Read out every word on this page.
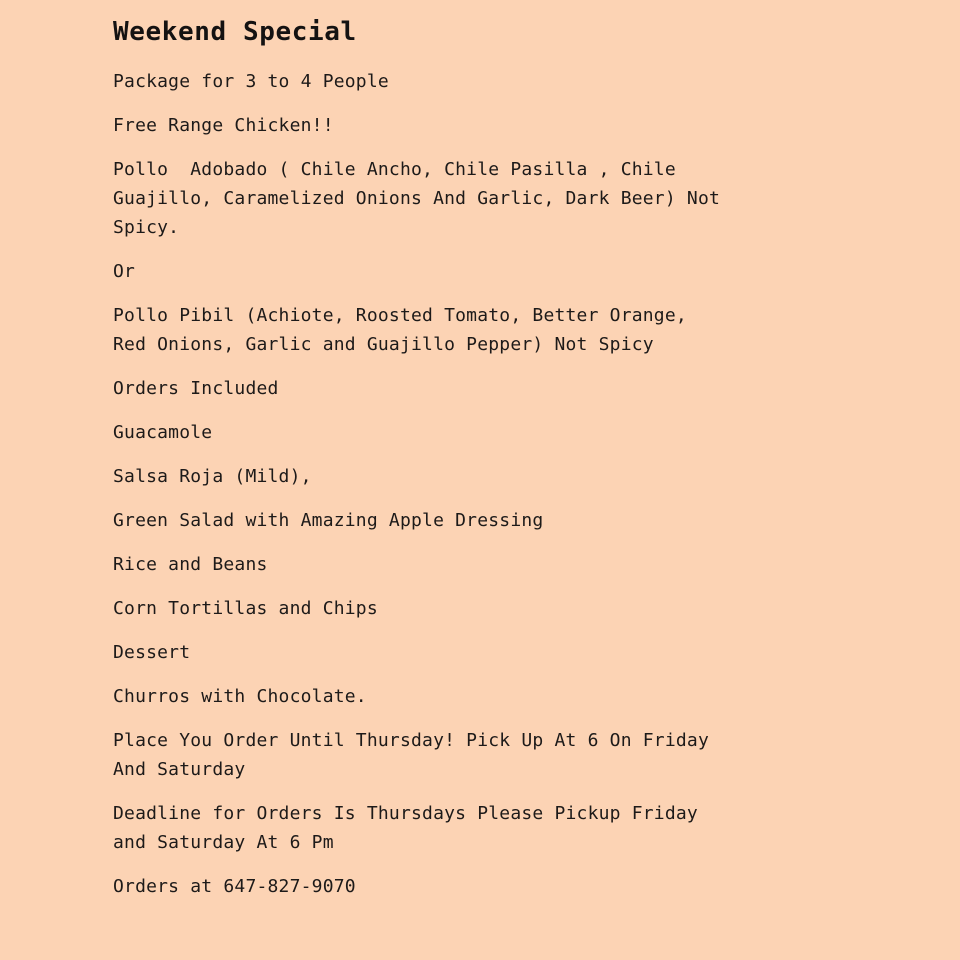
Weekend Special
Package for 3 to 4 People
Free Range Chicken!!
Pollo  Adobado ( Chile Ancho, Chile Pasilla , Chile
Guajillo, Caramelized Onions And Garlic, Dark Beer) Not
Spicy.
Or
Pollo Pibil (Achiote, Roosted Tomato, Better Orange,
Red Onions, Garlic and Guajillo Pepper) Not Spicy
Orders Included
Guacamole
Salsa Roja (Mild),
Green Salad with Amazing Apple Dressing
Rice and Beans
Corn Tortillas and Chips
Dessert
Churros with Chocolate.
Place You Order Until Thursday! Pick Up At 6 On Friday
And Saturday
Deadline for Orders Is Thursdays Please Pickup Friday
and Saturday At 6 Pm
Orders at 647-827-9070
